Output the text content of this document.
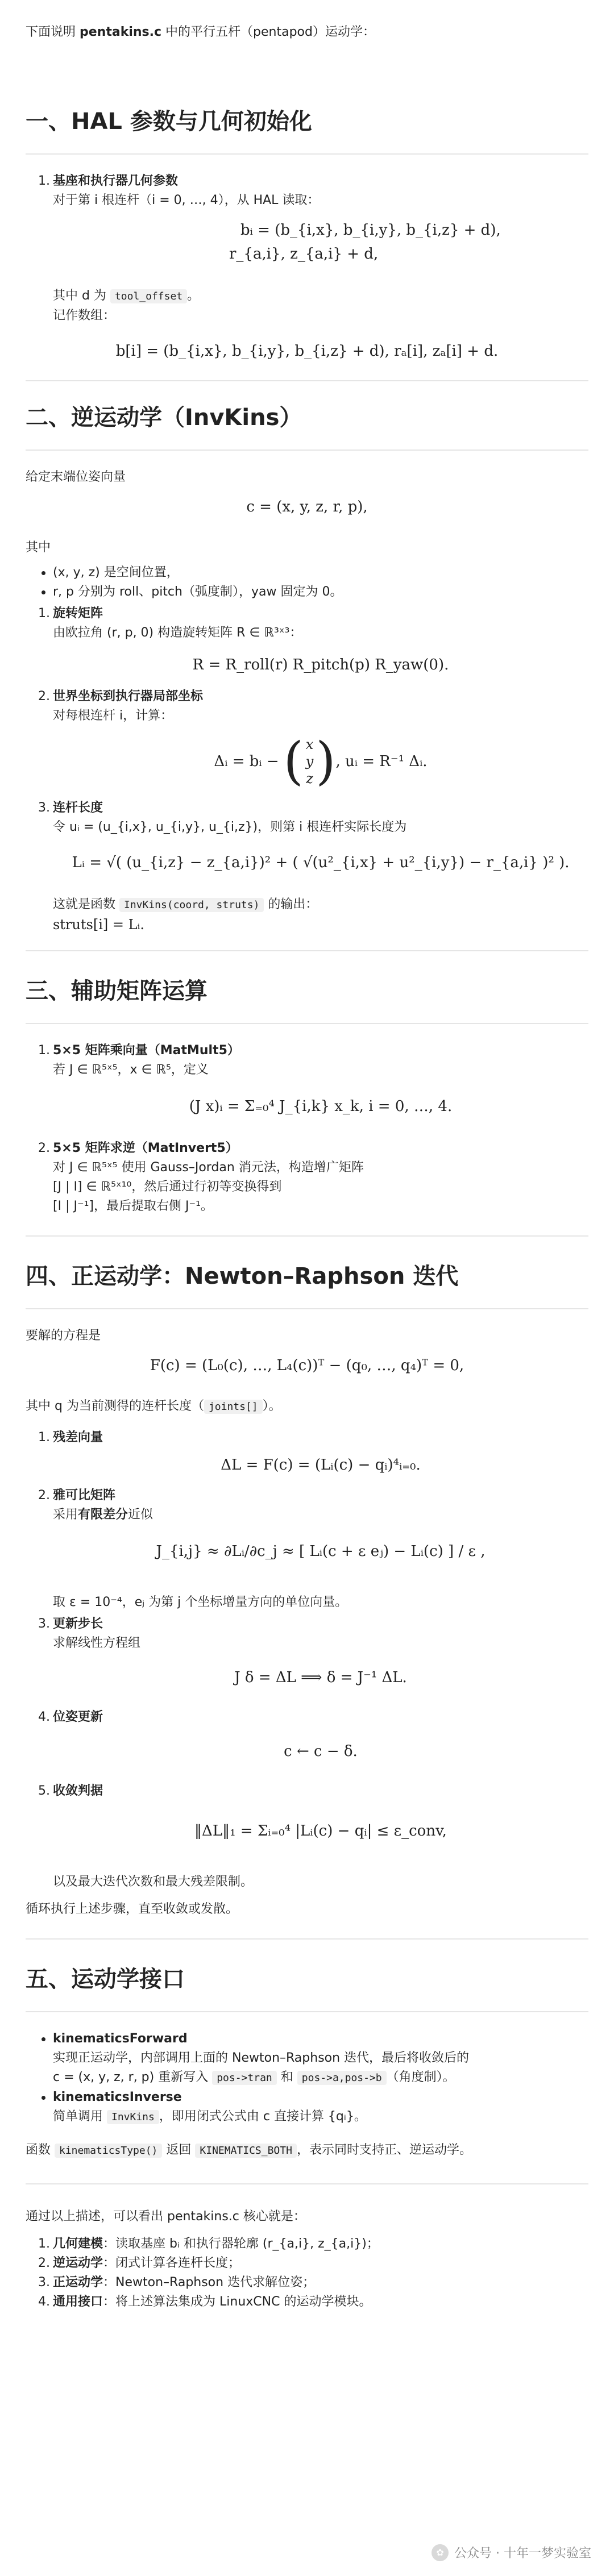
下面说明 pentakins.c 中的平行五杆（pentapod）运动学：
一、HAL 参数与几何初始化
1. 基座和执行器几何参数
对于第 i 根连杆（i = 0, …, 4），从 HAL 读取：
bᵢ = (b_{i,x}, b_{i,y}, b_{i,z} + d),
r_{a,i}, z_{a,i} + d,
其中 d 为 tool_offset 。
记作数组：
b[i] = (b_{i,x}, b_{i,y}, b_{i,z} + d), rₐ[i], zₐ[i] + d.
二、逆运动学（InvKins）
给定末端位姿向量
c = (x, y, z, r, p),
其中
(x, y, z) 是空间位置，
r, p 分别为 roll、pitch（弧度制），yaw 固定为 0。
1. 旋转矩阵
由欧拉角 (r, p, 0) 构造旋转矩阵 R ∈ ℝ³ˣ³：
R = R_roll(r) R_pitch(p) R_yaw(0).
2. 世界坐标到执行器局部坐标
对每根连杆 i，计算：
Δᵢ = bᵢ − ( x
y
z ) , uᵢ = R⁻¹ Δᵢ.
3. 连杆长度
令 uᵢ = (u_{i,x}, u_{i,y}, u_{i,z})，则第 i 根连杆实际长度为
Lᵢ = √( (u_{i,z} − z_{a,i})² + ( √(u²_{i,x} + u²_{i,y}) − r_{a,i} )² ).
这就是函数 InvKins(coord, struts) 的输出：
struts[i] = Lᵢ.
三、辅助矩阵运算
1. 5×5 矩阵乘向量（MatMult5）
若 J ∈ ℝ⁵ˣ⁵，x ∈ ℝ⁵，定义
(J x)ᵢ = Σ₌₀⁴ J_{i,k} x_k, i = 0, …, 4.
2. 5×5 矩阵求逆（MatInvert5）
对 J ∈ ℝ⁵ˣ⁵ 使用 Gauss–Jordan 消元法，构造增广矩阵
[J | I] ∈ ℝ⁵ˣ¹⁰，然后通过行初等变换得到
[I | J⁻¹]，最后提取右侧 J⁻¹。
四、正运动学：Newton–Raphson 迭代
要解的方程是
F(c) = (L₀(c), …, L₄(c))ᵀ − (q₀, …, q₄)ᵀ = 0,
其中 q 为当前测得的连杆长度（ joints[] ）。
1. 残差向量
ΔL = F(c) = (Lᵢ(c) − qᵢ)⁴ᵢ₌₀.
2. 雅可比矩阵
采用有限差分近似
J_{i,j} ≈ ∂Lᵢ/∂c_j ≈ [ Lᵢ(c + ε eⱼ) − Lᵢ(c) ] / ε ,
取 ε = 10⁻⁴，eⱼ 为第 j 个坐标增量方向的单位向量。
3. 更新步长
求解线性方程组
J δ = ΔL ⟹ δ = J⁻¹ ΔL.
4. 位姿更新
c ← c − δ.
5. 收敛判据
‖ΔL‖₁ = Σᵢ₌₀⁴ |Lᵢ(c) − qᵢ| ≤ ε_conv,
以及最大迭代次数和最大残差限制。
循环执行上述步骤，直至收敛或发散。
五、运动学接口
kinematicsForward
实现正运动学，内部调用上面的 Newton–Raphson 迭代，最后将收敛后的
c = (x, y, z, r, p) 重新写入 pos->tran 和 pos->a,pos->b （角度制）。
kinematicsInverse
简单调用 InvKins ，即用闭式公式由 c 直接计算 {qᵢ}。
函数 kinematicsType() 返回 KINEMATICS_BOTH ，表示同时支持正、逆运动学。
通过以上描述，可以看出 pentakins.c 核心就是：
1. 几何建模：读取基座 bᵢ 和执行器轮廓 (r_{a,i}, z_{a,i})；
2. 逆运动学：闭式计算各连杆长度；
3. 正运动学：Newton–Raphson 迭代求解位姿；
4. 通用接口：将上述算法集成为 LinuxCNC 的运动学模块。
✿ 公众号 · 十年一梦实验室
